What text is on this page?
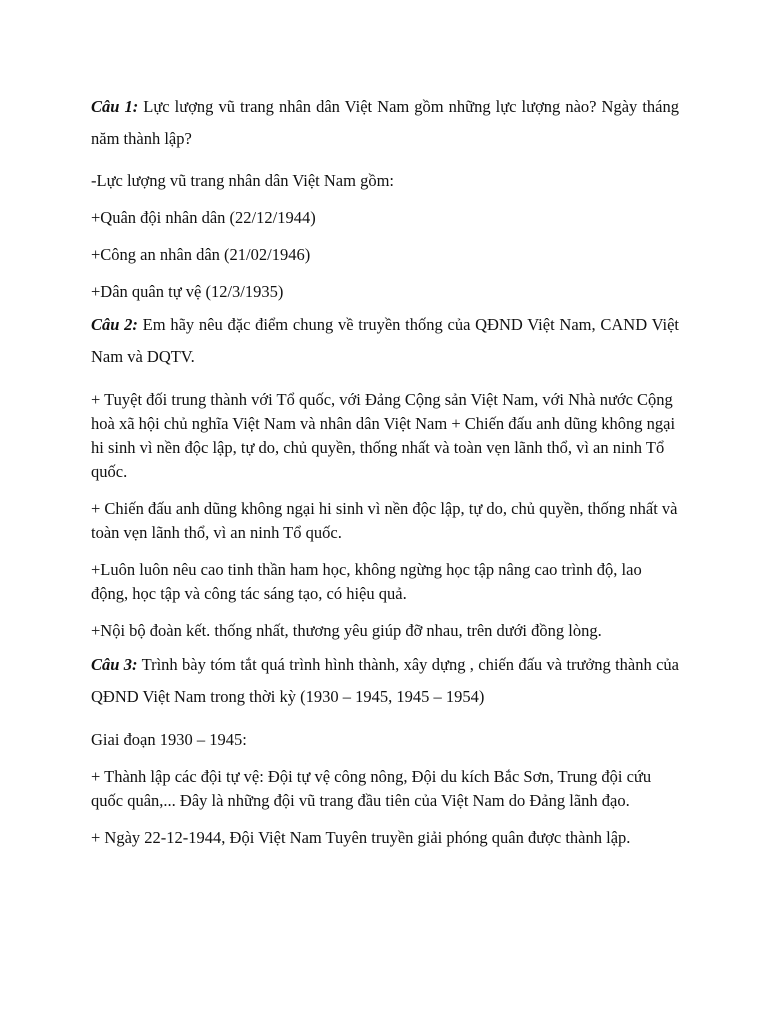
Câu 1: Lực lượng vũ trang nhân dân Việt Nam gồm những lực lượng nào? Ngày tháng năm thành lập?

-Lực lượng vũ trang nhân dân Việt Nam gồm:

+Quân đội nhân dân (22/12/1944)

+Công an nhân dân (21/02/1946)

+Dân quân tự vệ (12/3/1935)

Câu 2: Em hãy nêu đặc điểm chung về truyền thống của QĐND Việt Nam, CAND Việt Nam và DQTV.

+ Tuyệt đối trung thành với Tổ quốc, với Đảng Cộng sản Việt Nam, với Nhà nước Cộng hoà xã hội chủ nghĩa Việt Nam và nhân dân Việt Nam + Chiến đấu anh dũng không ngại hi sinh vì nền độc lập, tự do, chủ quyền, thống nhất và toàn vẹn lãnh thổ, vì an ninh Tổ quốc.

+ Chiến đấu anh dũng không ngại hi sinh vì nền độc lập, tự do, chủ quyền, thống nhất và toàn vẹn lãnh thổ, vì an ninh Tổ quốc.

+Luôn luôn nêu cao tinh thần ham học, không ngừng học tập nâng cao trình độ, lao động, học tập và công tác sáng tạo, có hiệu quả.

+Nội bộ đoàn kết. thống nhất, thương yêu giúp đỡ nhau, trên dưới đồng lòng.

Câu 3: Trình bày tóm tắt quá trình hình thành, xây dựng , chiến đấu và trưởng thành của QĐND Việt Nam trong thời kỳ (1930 – 1945, 1945 – 1954)

Giai đoạn 1930 – 1945:

+ Thành lập các đội tự vệ: Đội tự vệ công nông, Đội du kích Bắc Sơn, Trung đội cứu quốc quân,... Đây là những đội vũ trang đầu tiên của Việt Nam do Đảng lãnh đạo.

+ Ngày 22-12-1944, Đội Việt Nam Tuyên truyền giải phóng quân được thành lập.
